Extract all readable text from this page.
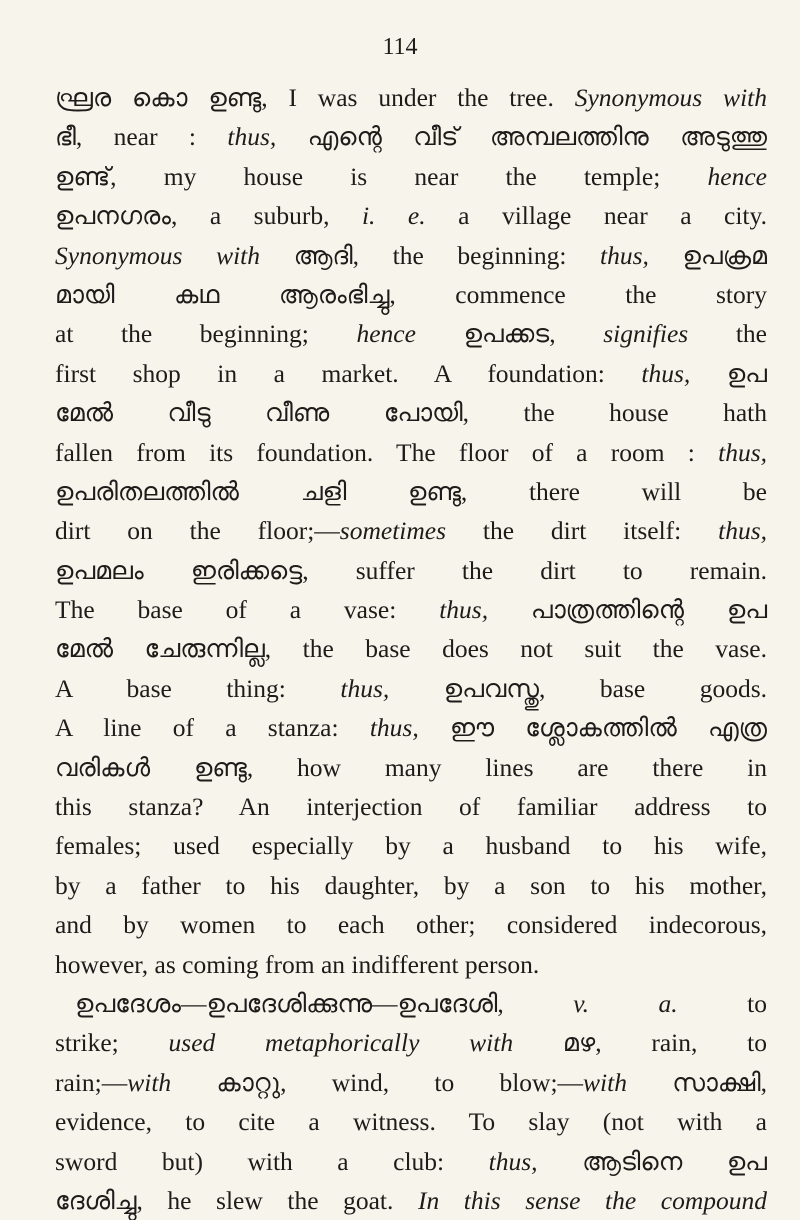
114
ഘ്രര കെ‍ാ ഉണ്ടു, I was under the tree. Synonymous with
ഭീ, near : thus, എന്റെ വീട് അമ്പലത്തിനു അടുത്തു
ഉണ്ട്, my house is near the temple; hence
ഉപനഗരം, a suburb, i. e. a village near a city.
Synonymous with ആദി, the beginning: thus, ഉപക്രമ
മായി കഥ ആരംഭിച്ചു, commence the story
at the beginning; hence ഉപക്കട, signifies the
first shop in a market. A foundation: thus, ഉപ
മേൽ വീടു വീണു പോയി, the house hath
fallen from its foundation. The floor of a room : thus,
ഉപരിതലത്തിൽ ചളി ഉണ്ടു, there will be
dirt on the floor;—sometimes the dirt itself: thus,
ഉപമലം ഇരിക്കട്ടെ, suffer the dirt to remain.
The base of a vase: thus, പാത്രത്തിന്റെ ഉപ
മേൽ ചേരുന്നില്ല, the base does not suit the vase.
A base thing: thus, ഉപവസ്തു, base goods.
A line of a stanza: thus, ഈ ശ്ലോകത്തിൽ എത്ര
വരികൾ ഉണ്ടു, how many lines are there in
this stanza? An interjection of familiar address to
females; used especially by a husband to his wife,
by a father to his daughter, by a son to his mother,
and by women to each other; considered indecorous,
however, as coming from an indifferent person.
ഉപദേശം—ഉപദേശിക്കുന്നു—ഉപദേശി, v. a. to
strike; used metaphorically with മഴ, rain, to
rain;—with കാറ്റു, wind, to blow;—with സാക്ഷി,
evidence, to cite a witness. To slay (not with a
sword but) with a club: thus, ആടിനെ ഉപ
ദേശിച്ചു, he slew the goat. In this sense the compound
